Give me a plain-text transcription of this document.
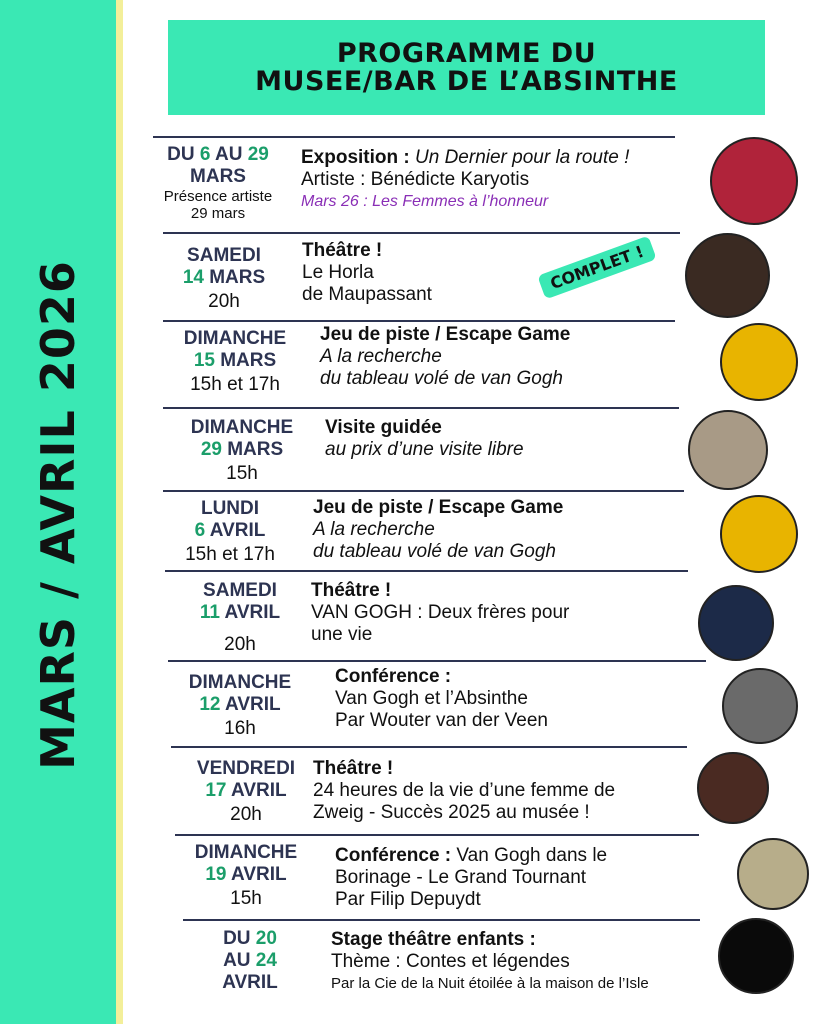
MARS / AVRIL 2026
PROGRAMME DU
MUSEE/BAR DE L’ABSINTHE
DU 6 AU 29
MARS
Présence artiste
29 mars
Exposition : Un Dernier pour la route !
Artiste : Bénédicte Karyotis
Mars 26 : Les Femmes à l’honneur
SAMEDI
14 MARS
20h
Théâtre !
Le Horla
de Maupassant
COMPLET !
DIMANCHE
15 MARS
15h et 17h
Jeu de piste / Escape Game
A la recherche
du tableau volé de van Gogh
DIMANCHE
29 MARS
15h
Visite guidée
au prix d’une visite libre
LUNDI
6 AVRIL
15h et 17h
Jeu de piste / Escape Game
A la recherche
du tableau volé de van Gogh
SAMEDI
11 AVRIL
20h
Théâtre !
VAN GOGH : Deux frères pour
une vie
DIMANCHE
12 AVRIL
16h
Conférence :
Van Gogh et l’Absinthe
Par Wouter van der Veen
VENDREDI
17 AVRIL
20h
Théâtre !
24 heures de la vie d’une femme de
Zweig - Succès 2025 au musée !
DIMANCHE
19 AVRIL
15h
Conférence : Van Gogh dans le
Borinage - Le Grand Tournant
Par Filip Depuydt
DU 20
AU 24
AVRIL
Stage théâtre enfants :
Thème : Contes et légendes
Par la Cie de la Nuit étoilée à la maison de l’Isle
